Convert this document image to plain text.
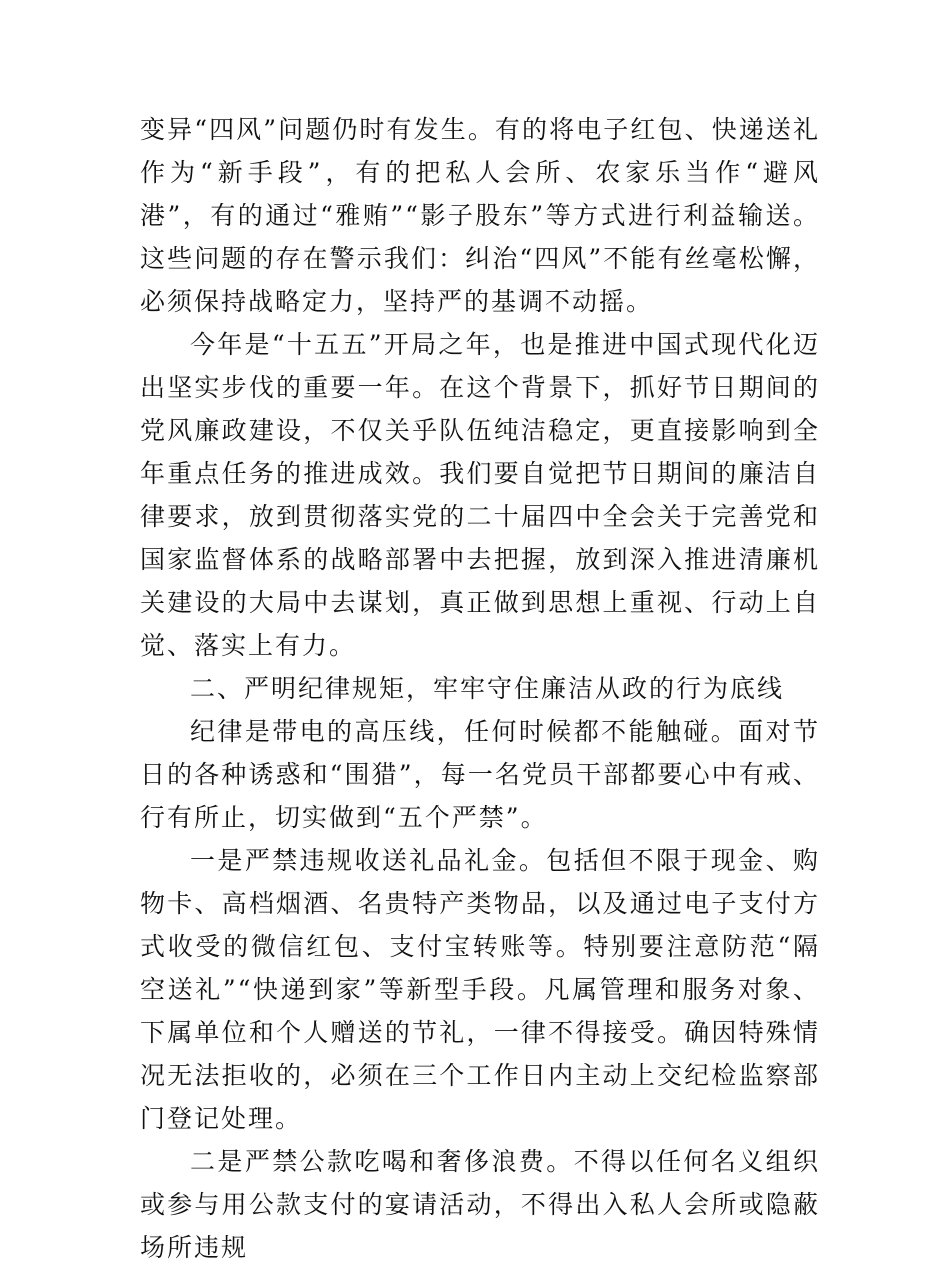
变异“四风”问题仍时有发生。有的将电子红包、快递送礼作为“新手段”，有的把私人会所、农家乐当作“避风港”，有的通过“雅贿”“影子股东”等方式进行利益输送。这些问题的存在警示我们：纠治“四风”不能有丝毫松懈，必须保持战略定力，坚持严的基调不动摇。

今年是“十五五”开局之年，也是推进中国式现代化迈出坚实步伐的重要一年。在这个背景下，抓好节日期间的党风廉政建设，不仅关乎队伍纯洁稳定，更直接影响到全年重点任务的推进成效。我们要自觉把节日期间的廉洁自律要求，放到贯彻落实党的二十届四中全会关于完善党和国家监督体系的战略部署中去把握，放到深入推进清廉机关建设的大局中去谋划，真正做到思想上重视、行动上自觉、落实上有力。

二、严明纪律规矩，牢牢守住廉洁从政的行为底线

纪律是带电的高压线，任何时候都不能触碰。面对节日的各种诱惑和“围猎”，每一名党员干部都要心中有戒、行有所止，切实做到“五个严禁”。

一是严禁违规收送礼品礼金。包括但不限于现金、购物卡、高档烟酒、名贵特产类物品，以及通过电子支付方式收受的微信红包、支付宝转账等。特别要注意防范“隔空送礼”“快递到家”等新型手段。凡属管理和服务对象、下属单位和个人赠送的节礼，一律不得接受。确因特殊情况无法拒收的，必须在三个工作日内主动上交纪检监察部门登记处理。

二是严禁公款吃喝和奢侈浪费。不得以任何名义组织或参与用公款支付的宴请活动，不得出入私人会所或隐蔽场所违规
